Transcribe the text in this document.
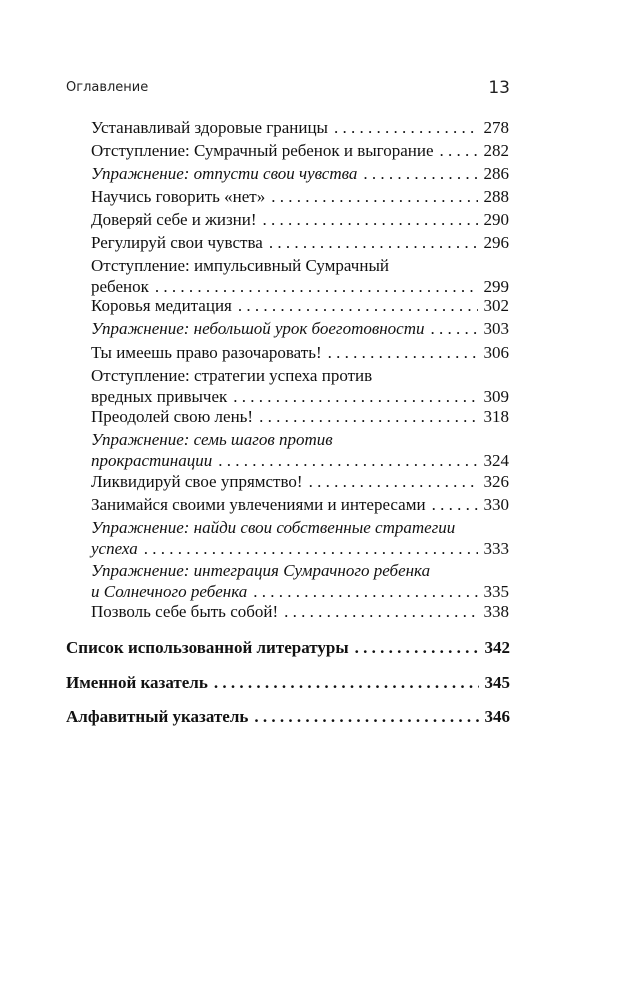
Оглавление	13
Устанавливай здоровые границы . . .	278
Отступление: Сумрачный ребенок и выгорание . . .	282
Упражнение: отпусти свои чувства . . .	286
Научись говорить «нет» . . .	288
Доверяй себе и жизни! . . .	290
Регулируй свои чувства . . .	296
Отступление: импульсивный Сумрачный
ребенок . . .	299
Коровья медитация . . .	302
Упражнение: небольшой урок боеготовности . . .	303
Ты имеешь право разочаровать! . . .	306
Отступление: стратегии успеха против
вредных привычек . . .	309
Преодолей свою лень! . . .	318
Упражнение: семь шагов против
прокрастинации . . .	324
Ликвидируй свое упрямство! . . .	326
Занимайся своими увлечениями и интересами . . .	330
Упражнение: найди свои собственные стратегии
успеха . . .	333
Упражнение: интеграция Сумрачного ребенка
и Солнечного ребенка . . .	335
Позволь себе быть собой! . . .	338
Список использованной литературы . . .	342
Именной казатель . . .	345
Алфавитный указатель . . .	346
